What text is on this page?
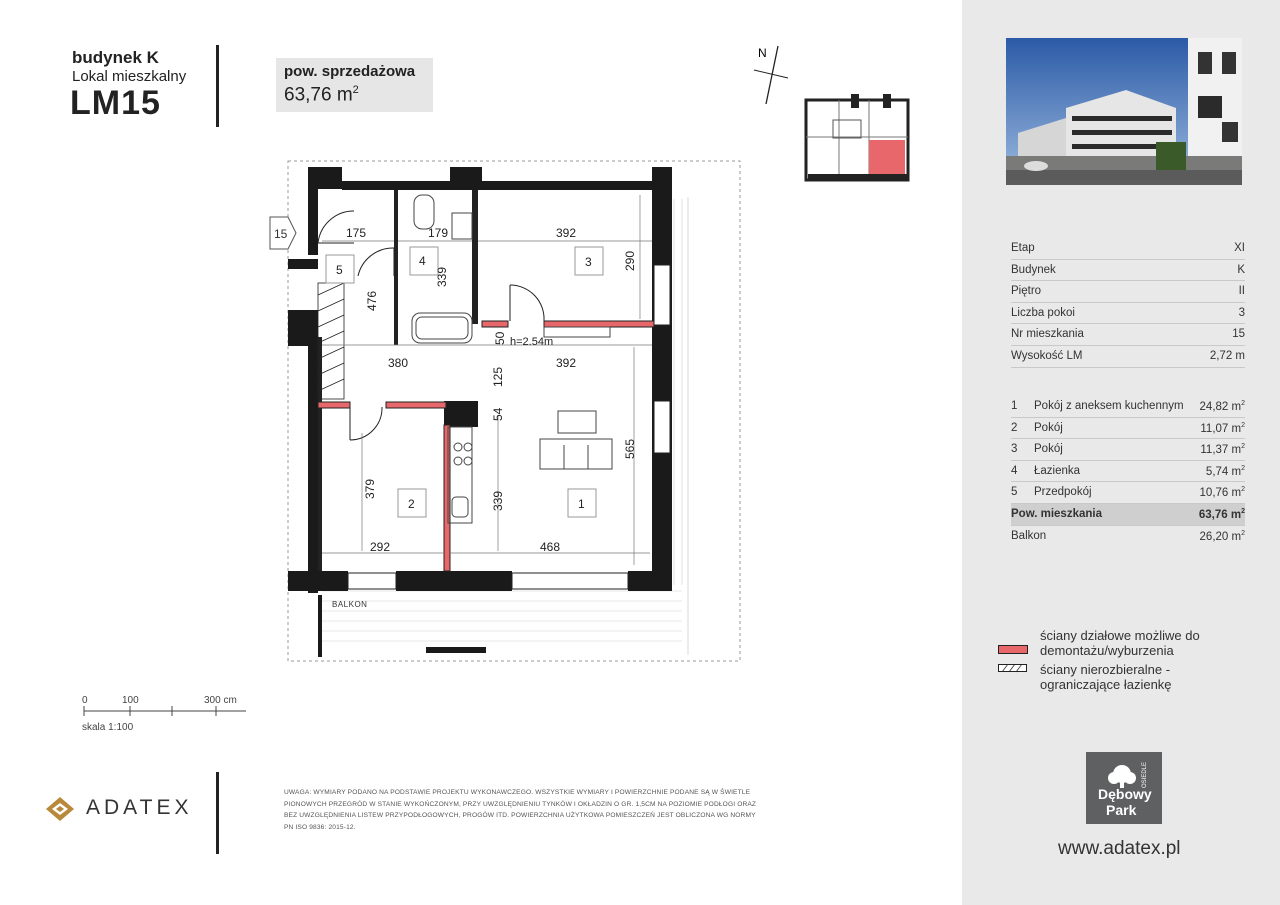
budynek K
Lokal mieszkalny
LM15
pow. sprzedażowa
63,76 $m^2$
N
15
5
4	3
2	1
175	179	392
290
339
476
380	392
50
125
54
565
379
339
292	468
h=2.54m
BALKON
0	100	300 cm
skala 1:100
Etap	XI
Budynek	K
Piętro	II
Liczba pokoi	3
Nr mieszkania	15
Wysokość LM	2,72 m
1 Pokój z aneksem kuchennym 24,82 $m^2$
2 Pokój	11,07 $m^2$
3 Pokój	11,37 $m^2$
4 Łazienka	5,74 $m^2$
5 Przedpokój	10,76 $m^2$
Pow. mieszkania	63,76 $m^2$
Balkon	26,20 $m^2$
ściany działowe możliwe do demontażu/wyburzenia
ściany nierozbieralne - ograniczające łazienkę
ADATEX
UWAGA: WYMIARY PODANO NA PODSTAWIE PROJEKTU WYKONAWCZEGO. WSZYSTKIE WYMIARY I POWIERZCHNIE PODANE SĄ W ŚWIETLE PIONOWYCH PRZEGRÓD W STANIE WYKOŃCZONYM, PRZY UWZGLĘDNIENIU TYNKÓW I OKŁADZIN O GR. 1,5CM NA POZIOMIE PODŁOGI ORAZ BEZ UWZGLĘDNIENIA LISTEW PRZYPODŁOGOWYCH, PROGÓW ITD. POWIERZCHNIA UŻYTKOWA POMIESZCZEŃ JEST OBLICZONA WG NORMY PN ISO 9836: 2015-12.
OSIEDLE
Dębowy
Park
www.adatex.pl
